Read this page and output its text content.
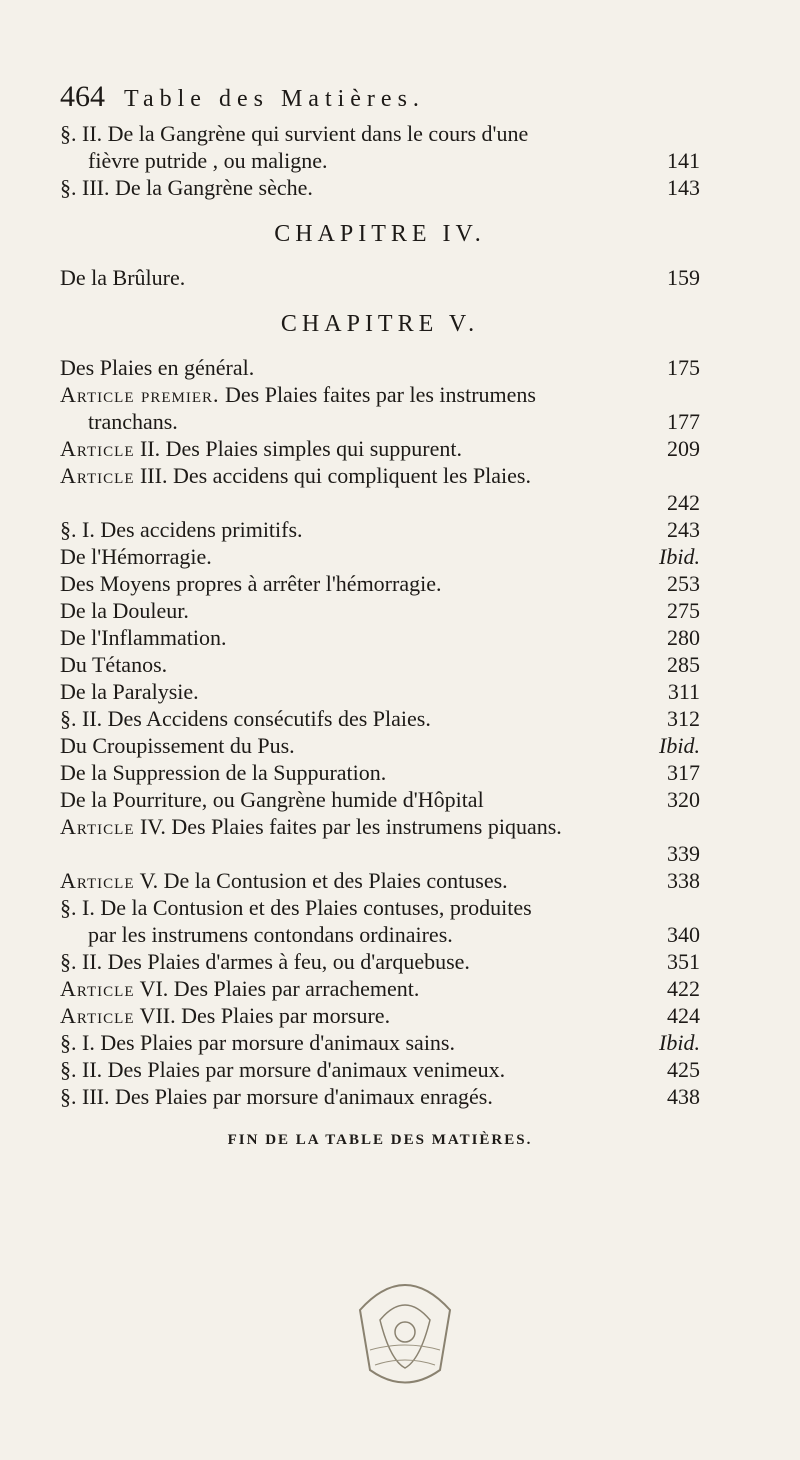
464 Table des Matières.
§. II. De la Gangrène qui survient dans le cours d'une
fièvre putride , ou maligne.	141
§. III. De la Gangrène sèche.	143
CHAPITRE IV.
De la Brûlure.	159
CHAPITRE V.
Des Plaies en général.	175
Article premier. Des Plaies faites par les instrumens
tranchans.	177
Article II. Des Plaies simples qui suppurent.	209
Article III. Des accidens qui compliquent les Plaies.
242
§. I. Des accidens primitifs.	243
De l'Hémorragie.	Ibid.
Des Moyens propres à arrêter l'hémorragie.	253
De la Douleur.	275
De l'Inflammation.	280
Du Tétanos.	285
De la Paralysie.	311
§. II. Des Accidens consécutifs des Plaies.	312
Du Croupissement du Pus.	Ibid.
De la Suppression de la Suppuration.	317
De la Pourriture, ou Gangrène humide d'Hôpital	320
Article IV. Des Plaies faites par les instrumens piquans.
339
Article V. De la Contusion et des Plaies contuses.	338
§. I. De la Contusion et des Plaies contuses, produites
par les instrumens contondans ordinaires.	340
§. II. Des Plaies d'armes à feu, ou d'arquebuse.	351
Article VI. Des Plaies par arrachement.	422
Article VII. Des Plaies par morsure.	424
§. I. Des Plaies par morsure d'animaux sains.	Ibid.
§. II. Des Plaies par morsure d'animaux venimeux.	425
§. III. Des Plaies par morsure d'animaux enragés.	438
FIN DE LA TABLE DES MATIÈRES.
